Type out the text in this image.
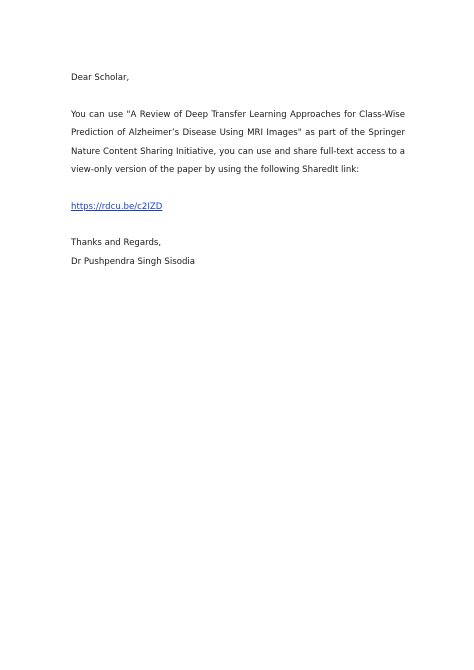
Dear Scholar,

You can use "A Review of Deep Transfer Learning Approaches for Class-Wise Prediction of Alzheimer’s Disease Using MRI Images" as part of the Springer Nature Content Sharing Initiative, you can use and share full-text access to a view-only version of the paper by using the following SharedIt link:

https://rdcu.be/c2IZD

Thanks and Regards,

Dr Pushpendra Singh Sisodia
